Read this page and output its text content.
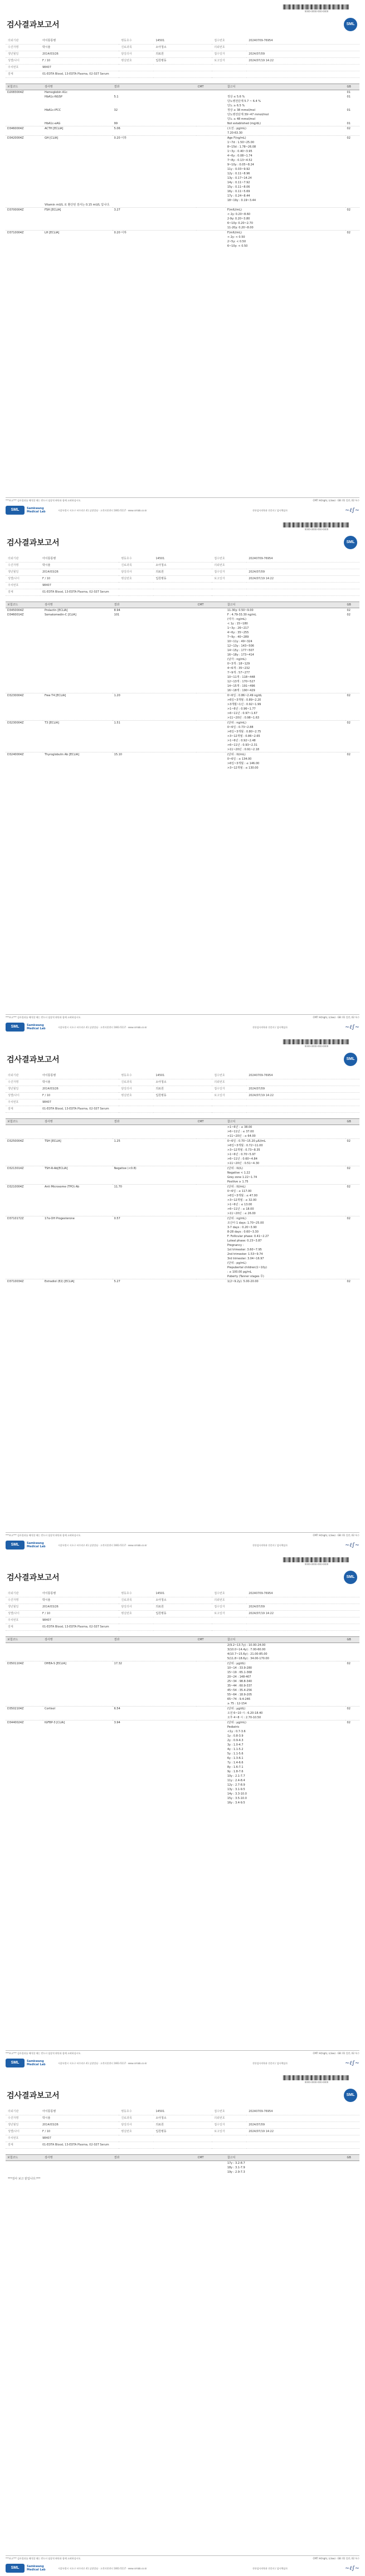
0000-0000-000-0000
검사결과보고서	SML
의뢰기관	아이통통병	병동호수	14501	접수번호	20240709-76954
수진자명	박시율	진료과목	소아청소	의뢰번호	
생년월일	2014/03/26	담당의사	의료원	접수일자	2024/07/09
성별/나이	F / 10	병실번호	입원병동	보고일자	2024/07/19 14:22
주치번호	98407				
검체	01-EDTA Blood, 13-EDTA Plasma, 02-SST Serum				
보험코드	검사명	결과	CMT	참고치	GB
D2083004Z	Hemoglobin A1c				01
	HbA1c-NGSP	5.1		정상 ≤ 5.6 %	01
				당뇨병전단계 5.7 ~ 6.4 %	
				당뇨 ≥ 6.5 %	
	HbA1c-IFCC	32		정상 ≤ 38 mmol/mol	01
				당뇨병전단계 39~47 mmol/mol	
				당뇨 ≥ 48 mmol/mol	
	HbA1c-eAG	99		Not established (mg/dL)	01
D3460004Z	ACTH [ECLIA]	5.06		(오전 : pg/mL)	02
				7.20-63.30	
D3420004Z	GH [CLIA]	0.20 이하		Age F(ng/mL)	02
				1~7d : 1.50~25.00	
				8~15d : 1.78~26.08	
				1~3y : 0.40~3.95	
				4~6y : 0.08~1.74	
				7~8y : 0.13~4.52	
				9~10y : 0.05~8.24	
				11y : 0.03~9.92	
				12y : 0.11~8.96	
				13y : 0.17~14.24	
				14y : 0.11~7.92	
				15y : 0.11~8.06	
				16y : 0.11~5.69	
				17y : 0.24~8.44	
				18~19y : 0.19~3.44	
	Vitamin mU/L 로 환산된 검사는 0.15 mU/L 입니다.				
D3700004Z	FSH [ECLIA]	3.27		F(mIU/mL)	02
				< 2y: 0.20~8.60	
				2-9y: 0.20~3.80	
				6~10y: 0.20~2.70	
				11-20y: 0.20~8.00	
D3710004Z	LH [ECLIA]	0.20 이하		F(mIU/mL)	02
				< 2y: < 0.50	
				2~5y: < 0.50	
				6~10y: < 0.50	
***보고*** 검사결과를 해석할 때는 반드시 임상적 판단과 함께 고려하십시오.	CMT: H(high), L(low) · GB: 01 일반, 02 특수
SML	Samkwang Medical Lab	서울특별시 서초구 바우뫼로 41 삼광빌딩 · 고객지원센터 1661-5117 · www.smlab.co.kr	진단검사의학과 전문의 / 검사책임자	∼ℓ∫∼
0000-0000-000-0000
검사결과보고서	SML
의뢰기관	아이통통병	병동호수	14501	접수번호	20240709-76954
수진자명	박시율	진료과목	소아청소	의뢰번호	
생년월일	2014/03/26	담당의사	의료원	접수일자	2024/07/09
성별/나이	F / 10	병실번호	입원병동	보고일자	2024/07/19 14:22
주치번호	98407				
검체	01-EDTA Blood, 13-EDTA Plasma, 02-SST Serum				
보험코드	검사명	결과	CMT	참고치	GB
D3450004Z	Prolactin [ECLIA]	8.94		11-30y: 0.50~9.00	02
D3460014Z	Somatomedin-C [CLIA]	101		F : 4.79-33.30 ng/mL	02
				(여자 : ng/mL)	
				< 1y : 15~180	
				1~3y : 26~217	
				4~6y : 35~255	
				7~9y : 40~289	
				10~11y : 49~324	
				12~13y : 143~506	
				14~15y : 177~507	
				16~18y : 173~414	
				(남자 : ng/mL)	
				0~3개 : 18~129	
				4~6개 : 35~232	
				7~9개 : 57~277	
				10~11개 : 118~448	
				12~13개 : 170~527	
				14~15개 : 191~496	
				16~18개 : 190~429	
D3230004Z	Free T4 [ECLIA]	1.20		0~6일 : 0.86~2.49 ng/dL	02
				>6일~3개월 : 0.89~2.20	
				>3개월~1년 : 0.92~1.99	
				>1~6년 : 0.96~1.77	
				>6~11년 : 0.97~1.67	
				>11~20년 : 0.98~1.63	
D3230004Z	T3 [ECLIA]	1.51		(단위 : ng/mL)	02
				0~6일 : 0.73~2.88	
				>6일~3개월 : 0.80~2.75	
				>3~12개월 : 0.86~2.65	
				>1~6년 : 0.92~2.48	
				>6~11년 : 0.93~2.31	
				>11~20년 : 0.91~2.18	
D3240004Z	Thyroglobulin Ab [ECLIA]	15.10		(단위 : IU/mL)	02
				0~6일 : ≤ 134.00	
				>6일~3개월 : ≤ 146.00	
				>3~12개월 : ≤ 130.00	
***보고*** 검사결과를 해석할 때는 반드시 임상적 판단과 함께 고려하십시오.	CMT: H(high), L(low) · GB: 01 일반, 02 특수
SML	Samkwang Medical Lab	서울특별시 서초구 바우뫼로 41 삼광빌딩 · 고객지원센터 1661-5117 · www.smlab.co.kr	진단검사의학과 전문의 / 검사책임자	∼ℓ∫∼
0000-0000-000-0000
검사결과보고서	SML
의뢰기관	아이통통병	병동호수	14501	접수번호	20240709-76954
수진자명	박시율	진료과목	소아청소	의뢰번호	
생년월일	2014/03/26	담당의사	의료원	접수일자	2024/07/09
성별/나이	F / 10	병실번호	입원병동	보고일자	2024/07/19 14:22
주치번호	98407				
검체	01-EDTA Blood, 13-EDTA Plasma, 02-SST Serum				
보험코드	검사명	결과	CMT	참고치	GB
				>1~6년 : ≤ 38.00	
				>6~11년 : ≤ 37.00	
				>11~20년 : ≤ 64.00	
D3250004Z	TSH [ECLIA]	1.25		0~6일 : 0.70~15.20 μIU/mL	02
				>6일~3개월 : 0.72~11.00	
				>3~12개월 : 0.73~8.35	
				>1~6년 : 0.70~5.97	
				>6~11년 : 0.60~4.84	
				>11~20년 : 0.51~4.30	
D3213014Z	TSH-R-Ab[ECLIA]	Negative (<0.8)		(단위 : IU/L)	02
				Negative < 1.22	
				Grey zone 1.22~1.74	
				Positive ≥ 1.75	
D3210004Z	Anti Microsome (TPO) Ab	11.70		(단위 : IU/mL)	02
				0~6일 : ≤ 117.00	
				>6일~3개월 : ≤ 47.00	
				>3~12개월 : ≤ 32.00	
				>1~6년 : ≤ 13.00	
				>6~11년 : ≤ 18.00	
				>11~20년 : ≤ 26.00	
D3710172Z	17α-OH Progesterone	0.57		(단위 : ng/mL)	02
				조산아 1 days: 1.70~25.00	
				3-7 days : 0.20~3.90	
				8-28 days : 0.60~3.30	
				F: Follicular phase: 0.41~2.27	
				Luteal phase: 0.23~3.87	
				Pregnancy :	
				1st trimester: 3.60~7.95	
				2nd trimester: 1.53~9.74	
				3rd trimester: 3.04~16.97	
				(단위 : pg/mL)	
				Prepubertal children(1~10y)	
				: ≤ 100.00 pg/mL	
				Puberty (Tanner stages 무)	
D3710034Z	Estradiol (E2) [ECLIA]	5.27		1(2~9.2y): 5.00-20.00	02

***보고*** 검사결과를 해석할 때는 반드시 임상적 판단과 함께 고려하십시오.	CMT: H(high), L(low) · GB: 01 일반, 02 특수
SML	Samkwang Medical Lab	서울특별시 서초구 바우뫼로 41 삼광빌딩 · 고객지원센터 1661-5117 · www.smlab.co.kr	진단검사의학과 전문의 / 검사책임자	∼ℓ∫∼
0000-0000-000-0000
검사결과보고서	SML
의뢰기관	아이통통병	병동호수	14501	접수번호	20240709-76954
수진자명	박시율	진료과목	소아청소	의뢰번호	
생년월일	2014/03/26	담당의사	의료원	접수일자	2024/07/09
성별/나이	F / 10	병실번호	입원병동	보고일자	2024/07/19 14:22
주치번호	98407				
검체	01-EDTA Blood, 13-EDTA Plasma, 02-SST Serum				
보험코드	검사명	결과	CMT	참고치	GB
				2(9.2~13.7y) : 10.00-24.00	
				3(10.0~14.4y) : 7.00-60.00	
				4(10.7~15.6y) : 21.00-85.00	
				5(11.8~18.6y) : 34.00-170.00	
D3501104Z	DHEA-S [ECLIA]	17.32		(단위 : μg/dL)	02
				10~14 : 33.9-280	
				15~19 : 65.1-368	
				20~24 : 148-407	
				25~34 : 98.8-340	
				35~44 : 60.9-337	
				45~54 : 35.4-256	
				55~64 : 18.9-205	
				65~74 : 9.4-246	
				≥ 75 : 12-154	
D3502104Z	Cortisol	6.54		(단위 : μg/dL)	02
				오전 6~10 시 : 6.20-18.40	
				오후 4~8 시 : 2.70-10.50	
D3440024Z	IGFBP-3 [CLIA]	3.94		(단위 : μg/mL)	02
				Pediatric	
				<1y : 0.7-3.6	
				1y : 0.8-3.9	
				2y : 0.9-4.3	
				3y : 1.0-4.7	
				4y : 1.1-5.2	
				5y : 1.1-5.6	
				6y : 1.3-6.1	
				7y : 1.4-6.6	
				8y : 1.6-7.1	
				9y : 1.8-7.6	
				10y : 2.1-7.7	
				11y : 2.4-8.4	
				12y : 2.7-8.9	
				13y : 3.1-9.5	
				14y : 3.3-10.0	
				15y : 3.5-10.0	
				16y : 3.4-9.5	
***보고*** 검사결과를 해석할 때는 반드시 임상적 판단과 함께 고려하십시오.	CMT: H(high), L(low) · GB: 01 일반, 02 특수
SML	Samkwang Medical Lab	서울특별시 서초구 바우뫼로 41 삼광빌딩 · 고객지원센터 1661-5117 · www.smlab.co.kr	진단검사의학과 전문의 / 검사책임자	∼ℓ∫∼
0000-0000-000-0000
검사결과보고서	SML
의뢰기관	아이통통병	병동호수	14501	접수번호	20240709-76954
수진자명	박시율	진료과목	소아청소	의뢰번호	
생년월일	2014/03/26	담당의사	의료원	접수일자	2024/07/09
성별/나이	F / 10	병실번호	입원병동	보고일자	2024/07/19 14:22
주치번호	98407				
검체	01-EDTA Blood, 13-EDTA Plasma, 02-SST Serum				
보험코드	검사명	결과	CMT	참고치	GB
				17y : 3.2-8.7	
				18y : 3.1-7.9	
				19y : 2.9-7.3	
***검사 보고 끝입니다.***
***보고*** 검사결과를 해석할 때는 반드시 임상적 판단과 함께 고려하십시오.	CMT: H(high), L(low) · GB: 01 일반, 02 특수
SML	Samkwang Medical Lab	서울특별시 서초구 바우뫼로 41 삼광빌딩 · 고객지원센터 1661-5117 · www.smlab.co.kr	진단검사의학과 전문의 / 검사책임자	∼ℓ∫∼
